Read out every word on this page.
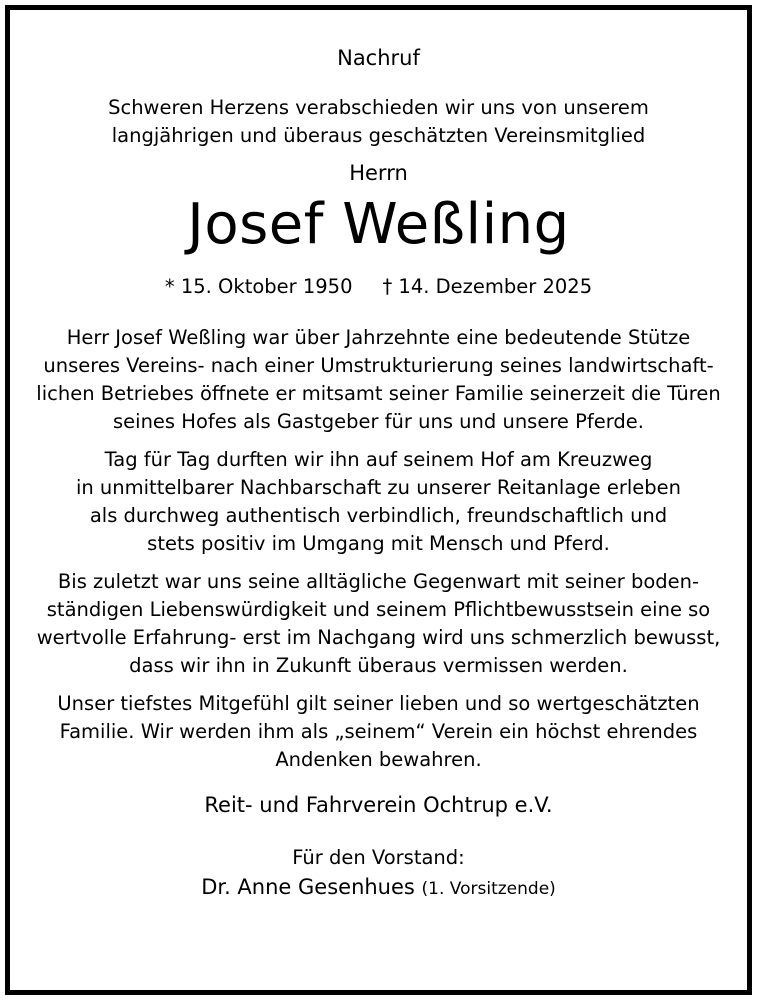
Nachruf
Schweren Herzens verabschieden wir uns von unserem
langjährigen und überaus geschätzten Vereinsmitglied
Herrn
Josef Weßling
* 15. Oktober 1950 † 14. Dezember 2025
Herr Josef Weßling war über Jahrzehnte eine bedeutende Stütze
unseres Vereins- nach einer Umstrukturierung seines landwirtschaft-
lichen Betriebes öffnete er mitsamt seiner Familie seinerzeit die Türen
seines Hofes als Gastgeber für uns und unsere Pferde.
Tag für Tag durften wir ihn auf seinem Hof am Kreuzweg
in unmittelbarer Nachbarschaft zu unserer Reitanlage erleben
als durchweg authentisch verbindlich, freundschaftlich und
stets positiv im Umgang mit Mensch und Pferd.
Bis zuletzt war uns seine alltägliche Gegenwart mit seiner boden-
ständigen Liebenswürdigkeit und seinem Pflichtbewusstsein eine so
wertvolle Erfahrung- erst im Nachgang wird uns schmerzlich bewusst,
dass wir ihn in Zukunft überaus vermissen werden.
Unser tiefstes Mitgefühl gilt seiner lieben und so wertgeschätzten
Familie. Wir werden ihm als „seinem“ Verein ein höchst ehrendes
Andenken bewahren.
Reit- und Fahrverein Ochtrup e.V.
Für den Vorstand:
Dr. Anne Gesenhues (1. Vorsitzende)
